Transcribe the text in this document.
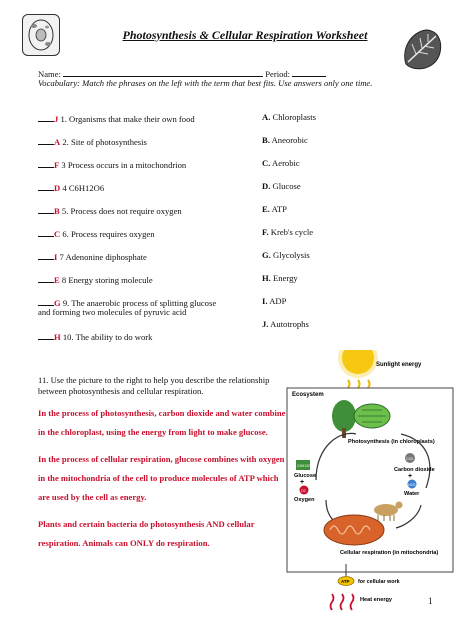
Photosynthesis & Cellular Respiration Worksheet
Name:	Period:
Vocabulary: Match the phrases on the left with the term that best fits. Use answers only one time.
J 1. Organisms that make their own food
A 2. Site of photosynthesis
F 3 Process occurs in a mitochondrion
D 4 C6H12O6
B 5. Process does not require oxygen
C 6. Process requires oxygen
I 7 Adenonine diphosphate
E 8 Energy storing molecule
G 9. The anaerobic process of splitting glucose
and forming two molecules of pyruvic acid
H 10. The ability to do work
A. Chloroplasts
B. Aneorobic
C. Aerobic
D. Glucose
E. ATP
F. Kreb's cycle
G. Glycolysis
H. Energy
I. ADP
J. Autotrophs
11. Use the picture to the right to help you describe the relationship between photosynthesis and cellular respiration.

In the process of photosynthesis, carbon dioxide and water combine in the chloroplast, using the energy from light to make glucose.

In the process of cellular respiration, glucose combines with oxygen in the mitochondria of the cell to produce molecules of ATP which are used by the cell as energy.

Plants and certain bacteria do photosynthesis AND cellular respiration. Animals can ONLY do respiration.

Sunlight energy
Ecosystem
Photosynthesis (in chloroplasts)
C6H12O6
Glucose
+
O2
Oxygen
CO2
Carbon dioxide
+
H2O
Water
Cellular respiration (in mitochondria)
ATP for cellular work
Heat energy	1
